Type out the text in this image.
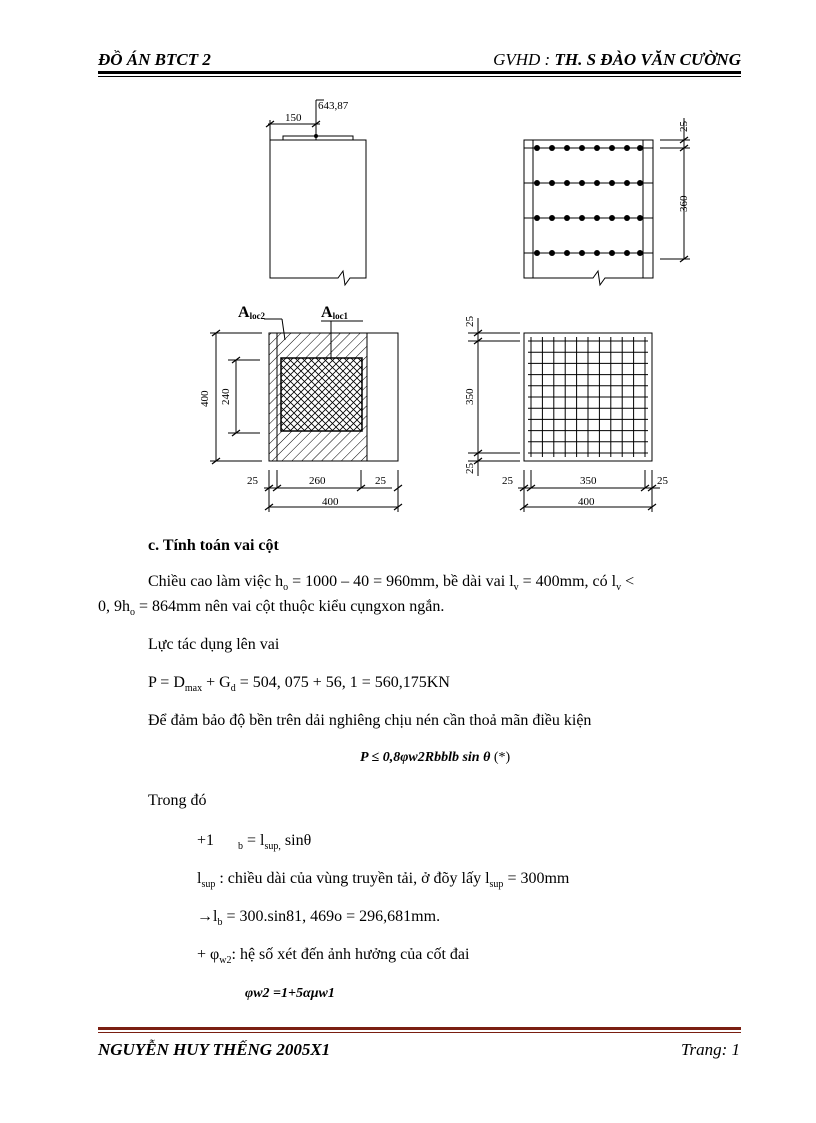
ĐỒ ÁN BTCT 2	GVHD : TH. S ĐÀO VĂN CƯỜNG
150
643,87
25
360
400 240
25
350
25
25	260	25
400
25	350	25
400
Aloc2	Aloc1
c. Tính toán vai cột
Chiều cao làm việc $h_o = 1000 - 40 = 960mm$, bề dài vai $l_v = 400mm$, có $l_v$ <
0, $9h_o = 864mm$ nên vai cột thuộc kiểu cụngxon ngắn.
Lực tác dụng lên vai
$P = D_{max} + G_d = 504$, 075 + 56, 1 = 560,175KN
Để đảm bảo độ bền trên dải nghiêng chịu nén cần thoả mãn điều kiện
P ≤ 0,8φw2Rbblb sin θ (*)
Trong đó
+1 $_b = l_{sup,}$ sinθ
$l_{sup}$ : chiều dài của vùng truyền tải, ở đõy lấy $l_{sup} = 300mm$
$\to l_b = 300.\sin 81$, 469o = 296,681mm.
+ $\varphi_{w2}$: hệ số xét đến ảnh hưởng của cốt đai
φw2 =1+5αμw1
NGUYỄN HUY THẾNG 2005X1	Trang: 1
